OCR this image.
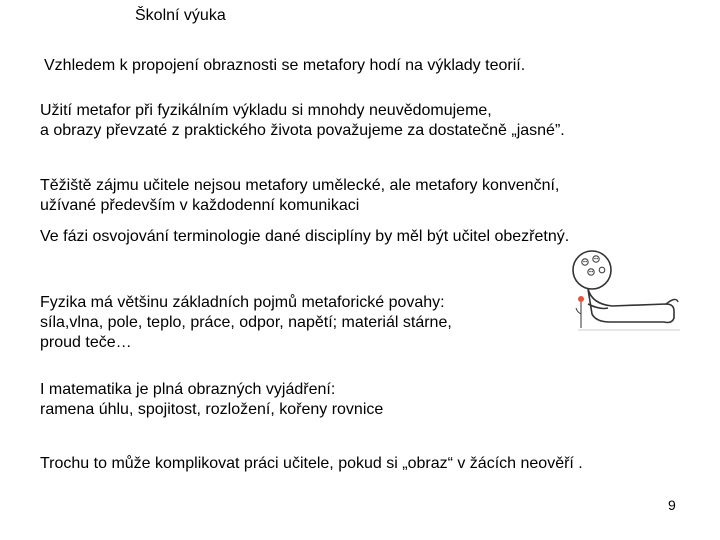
Školní výuka

Vzhledem k propojení obraznosti se metafory hodí na výklady teorií.

Užití metafor při fyzikálním výkladu si mnohdy neuvědomujeme,
a obrazy převzaté z praktického života považujeme za dostatečně „jasné”.
Těžiště zájmu učitele nejsou metafory umělecké, ale metafory konvenční,
užívané především v každodenní komunikaci
Ve fázi osvojování terminologie dané disciplíny by měl být učitel obezřetný.
Fyzika má většinu základních pojmů metaforické povahy:
síla,vlna, pole, teplo, práce, odpor, napětí; materiál stárne,
proud teče…
I matematika je plná obrazných vyjádření:
ramena úhlu, spojitost, rozložení, kořeny rovnice
Trochu to může komplikovat práci učitele, pokud si „obraz“ v žácích neověří .

9
